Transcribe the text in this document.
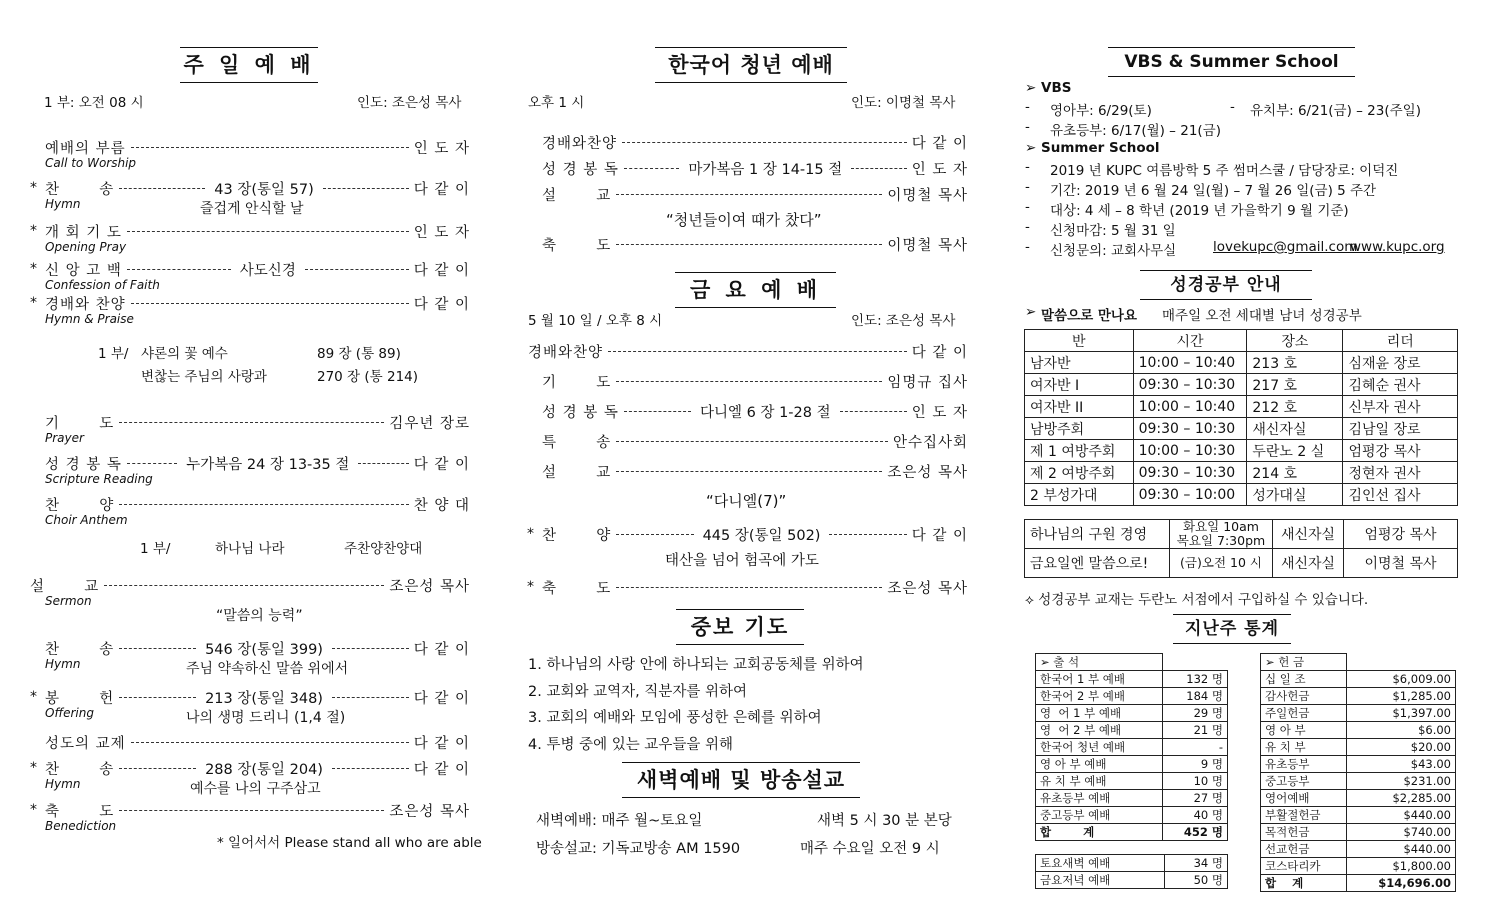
주 일 예 배
1 부: 오전 08 시	인도: 조은성 목사
예배의 부름	인 도 자
Call to Worship
찬       송	43 장(통일 57)	다 같 이
*
Hymn	즐겁게 안식할 날
개 회 기 도	인 도 자
*
Opening Pray
신 앙 고 백	사도신경	다 같 이
*
Confession of Faith
경배와 찬양	다 같 이
*
Hymn & Praise
기       도	김우년 장로
Prayer
성 경 봉 독	누가복음 24 장 13-35 절	다 같 이
Scripture Reading
찬       양	찬 양 대
Choir Anthem
설       교	조은성 목사
Sermon
“말씀의 능력”
찬       송	546 장(통일 399)	다 같 이
Hymn	주님 약속하신 말씀 위에서
봉       헌	213 장(통일 348)	다 같 이
*
Offering	나의 생명 드리니 (1,4 절)
성도의 교제	다 같 이
찬       송	288 장(통일 204)	다 같 이
*
Hymn	예수를 나의 구주삼고
축       도	조은성 목사
*
Benediction
1 부/ 샤론의 꽃 예수	89 장 (통 89)
변찮는 주님의 사랑과	270 장 (통 214)
1 부/	하나님 나라	주찬양찬양대
* 일어서서 Please stand all who are able
한국어 청년 예배
오후 1 시	인도: 이명철 목사
경배와찬양	다 같 이
성 경 봉 독	마가복음 1 장 14-15 절	인 도 자
설       교	이명철 목사
축       도	이명철 목사
“청년들이여 때가 찼다”
금 요 예 배
5 월 10 일 / 오후 8 시	인도: 조은성 목사
경배와찬양	다 같 이
기       도	임명규 집사
성 경 봉 독	다니엘 6 장 1-28 절	인 도 자
특       송	안수집사회
설       교	조은성 목사
찬       양	445 장(통일 502)	다 같 이
*
축       도	조은성 목사
*
“다니엘(7)”
태산을 넘어 험곡에 가도
중보 기도
1. 하나님의 사랑 안에 하나되는 교회공동체를 위하여
2. 교회와 교역자, 직분자를 위하여
3. 교회의 예배와 모임에 풍성한 은혜를 위하여
4. 투병 중에 있는 교우들을 위해
새벽예배 및 방송설교
새벽예배: 매주 월~토요일	새벽 5 시 30 분 본당
방송설교: 기독교방송 AM 1590	매주 수요일 오전 9 시
VBS & Summer School
➢ VBS
- 영아부: 6/29(토)	- 유치부: 6/21(금) – 23(주일)
- 유초등부: 6/17(월) – 21(금)
➢ Summer School
- 2019 년 KUPC 여름방학 5 주 썸머스쿨 / 담당장로: 이덕진
- 기간: 2019 년 6 월 24 일(월) – 7 월 26 일(금) 5 주간
- 대상: 4 세 – 8 학년 (2019 년 가을학기 9 월 기준)
- 신청마감: 5 월 31 일
- 신청문의: 교회사무실	lovekupc@gmail.com
www.kupc.org
성경공부 안내
➢ 말씀으로 만나요 매주일 오전 세대별 남녀 성경공부
반	시간	장소	리더
남자반	10:00 – 10:40	213 호	심재윤 장로
여자반 I	09:30 – 10:30	217 호	김혜순 권사
여자반 II	10:00 – 10:40	212 호	신부자 권사
남방주회	09:30 – 10:30	새신자실	김남일 장로
제 1 여방주회	10:00 – 10:30	두란노 2 실	엄평강 목사
제 2 여방주회	09:30 – 10:30	214 호	정현자 권사
2 부성가대	09:30 – 10:00	성가대실	김인선 집사
하나님의 구원 경영	화요일 10am
목요일 7:30pm	새신자실	엄평강 목사
금요일엔 말씀으로!	(금)오전 10 시	새신자실	이명철 목사
⟡ 성경공부 교재는 두란노 서점에서 구입하실 수 있습니다.
지난주 통계
➢ 출 석	
한국어 1 부 예배	132 명
한국어 2 부 예배	184 명
영  어 1 부 예배	29 명
영  어 2 부 예배	21 명
한국어 청년 예배	-
영 아 부 예배	9 명
유 치 부 예배	10 명
유초등부 예배	27 명
중고등부 예배	40 명
합        계	452 명
토요새벽 예배	34 명
금요저녁 예배	50 명
➢ 헌 금	
십 일 조	$6,009.00
감사헌금	$1,285.00
주일헌금	$1,397.00
영 아 부	$6.00
유 치 부	$20.00
유초등부	$43.00
중고등부	$231.00
영어예배	$2,285.00
부활절헌금	$440.00
목적헌금	$740.00
선교헌금	$440.00
코스타리카	$1,800.00
합    계	$14,696.00
